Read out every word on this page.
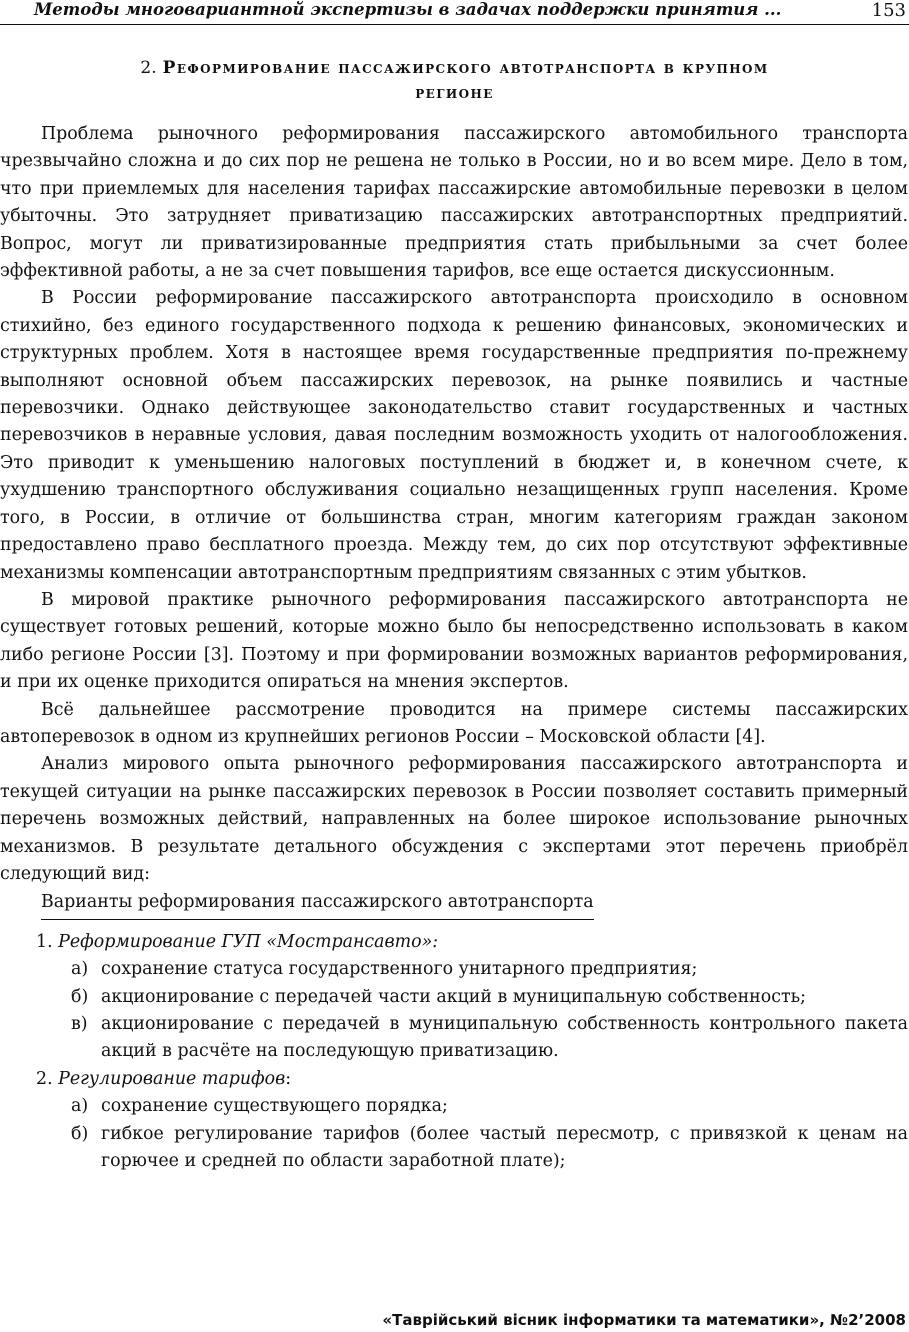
Методы многовариантной экспертизы в задачах поддержки принятия ...	153
2. Реформирование пассажирского автотранспорта в крупном
регионе

Проблема рыночного реформирования пассажирского автомобильного транспорта чрезвычайно сложна и до сих пор не решена не только в России, но и во всем мире. Дело в том, что при приемлемых для населения тарифах пассажирские автомобильные перевозки в целом убыточны. Это затрудняет приватизацию пассажирских автотранспортных предприятий. Вопрос, могут ли приватизированные предприятия стать прибыльными за счет более эффективной работы, а не за счет повышения тарифов, все еще остается дискуссионным.

В России реформирование пассажирского автотранспорта происходило в основном стихийно, без единого государственного подхода к решению финансовых, экономических и структурных проблем. Хотя в настоящее время государственные предприятия по-прежнему выполняют основной объем пассажирских перевозок, на рынке появились и частные перевозчики. Однако действующее законодательство ставит государственных и частных перевозчиков в неравные условия, давая последним возможность уходить от налогообложения. Это приводит к уменьшению налоговых поступлений в бюджет и, в конечном счете, к ухудшению транспортного обслуживания социально незащищенных групп населения. Кроме того, в России, в отличие от большинства стран, многим категориям граждан законом предоставлено право бесплатного проезда. Между тем, до сих пор отсутствуют эффективные механизмы компенсации автотранспортным предприятиям связанных с этим убытков.

В мировой практике рыночного реформирования пассажирского автотранспорта не существует готовых решений, которые можно было бы непосредственно использовать в каком либо регионе России [3]. Поэтому и при формировании возможных вариантов реформирования, и при их оценке приходится опираться на мнения экспертов.

Всё дальнейшее рассмотрение проводится на примере системы пассажирских автоперевозок в одном из крупнейших регионов России – Московской области [4].

Анализ мирового опыта рыночного реформирования пассажирского автотранспорта и текущей ситуации на рынке пассажирских перевозок в России позволяет составить примерный перечень возможных действий, направленных на более широкое использование рыночных механизмов. В результате детального обсуждения с экспертами этот перечень приобрёл следующий вид:

Варианты реформирования пассажирского автотранспорта
1. Реформирование ГУП «Мострансавто»:
а) сохранение статуса государственного унитарного предприятия;
б) акционирование с передачей части акций в муниципальную собственность;
в) акционирование с передачей в муниципальную собственность контрольного пакета акций в расчёте на последующую приватизацию.
2. Регулирование тарифов:
а) сохранение существующего порядка;
б) гибкое регулирование тарифов (более частый пересмотр, с привязкой к ценам на горючее и средней по области заработной плате);
«Таврійський вісник інформатики та математики», №2’2008
